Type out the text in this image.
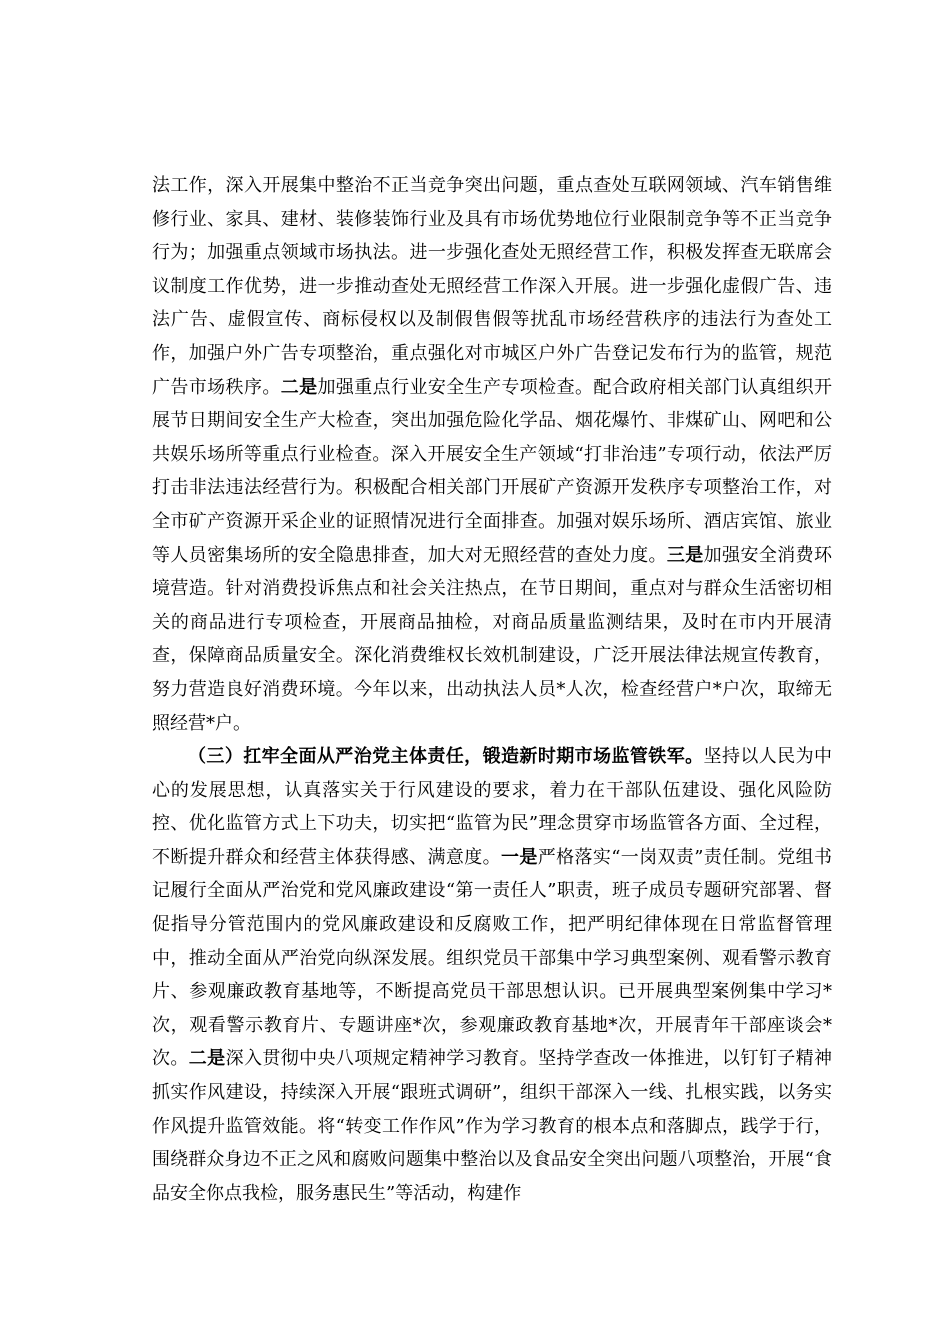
法工作，深入开展集中整治不正当竞争突出问题，重点查处互联网领域、汽车销售维修行业、家具、建材、装修装饰行业及具有市场优势地位行业限制竞争等不正当竞争行为；加强重点领域市场执法。进一步强化查处无照经营工作，积极发挥查无联席会议制度工作优势，进一步推动查处无照经营工作深入开展。进一步强化虚假广告、违法广告、虚假宣传、商标侵权以及制假售假等扰乱市场经营秩序的违法行为查处工作，加强户外广告专项整治，重点强化对市城区户外广告登记发布行为的监管，规范广告市场秩序。二是加强重点行业安全生产专项检查。配合政府相关部门认真组织开展节日期间安全生产大检查，突出加强危险化学品、烟花爆竹、非煤矿山、网吧和公共娱乐场所等重点行业检查。深入开展安全生产领域“打非治违”专项行动，依法严厉打击非法违法经营行为。积极配合相关部门开展矿产资源开发秩序专项整治工作，对全市矿产资源开采企业的证照情况进行全面排查。加强对娱乐场所、酒店宾馆、旅业等人员密集场所的安全隐患排查，加大对无照经营的查处力度。三是加强安全消费环境营造。针对消费投诉焦点和社会关注热点，在节日期间，重点对与群众生活密切相关的商品进行专项检查，开展商品抽检，对商品质量监测结果，及时在市内开展清查，保障商品质量安全。深化消费维权长效机制建设，广泛开展法律法规宣传教育，努力营造良好消费环境。今年以来，出动执法人员*人次，检查经营户*户次，取缔无照经营*户。

（三）扛牢全面从严治党主体责任，锻造新时期市场监管铁军。坚持以人民为中心的发展思想，认真落实关于行风建设的要求，着力在干部队伍建设、强化风险防控、优化监管方式上下功夫，切实把“监管为民”理念贯穿市场监管各方面、全过程，不断提升群众和经营主体获得感、满意度。一是严格落实“一岗双责”责任制。党组书记履行全面从严治党和党风廉政建设“第一责任人”职责，班子成员专题研究部署、督促指导分管范围内的党风廉政建设和反腐败工作，把严明纪律体现在日常监督管理中，推动全面从严治党向纵深发展。组织党员干部集中学习典型案例、观看警示教育片、参观廉政教育基地等，不断提高党员干部思想认识。已开展典型案例集中学习*次，观看警示教育片、专题讲座*次，参观廉政教育基地*次，开展青年干部座谈会*次。二是深入贯彻中央八项规定精神学习教育。坚持学查改一体推进，以钉钉子精神抓实作风建设，持续深入开展“跟班式调研”，组织干部深入一线、扎根实践，以务实作风提升监管效能。将“转变工作作风”作为学习教育的根本点和落脚点，践学于行，围绕群众身边不正之风和腐败问题集中整治以及食品安全突出问题八项整治，开展“食品安全你点我检，服务惠民生”等活动，构建作
